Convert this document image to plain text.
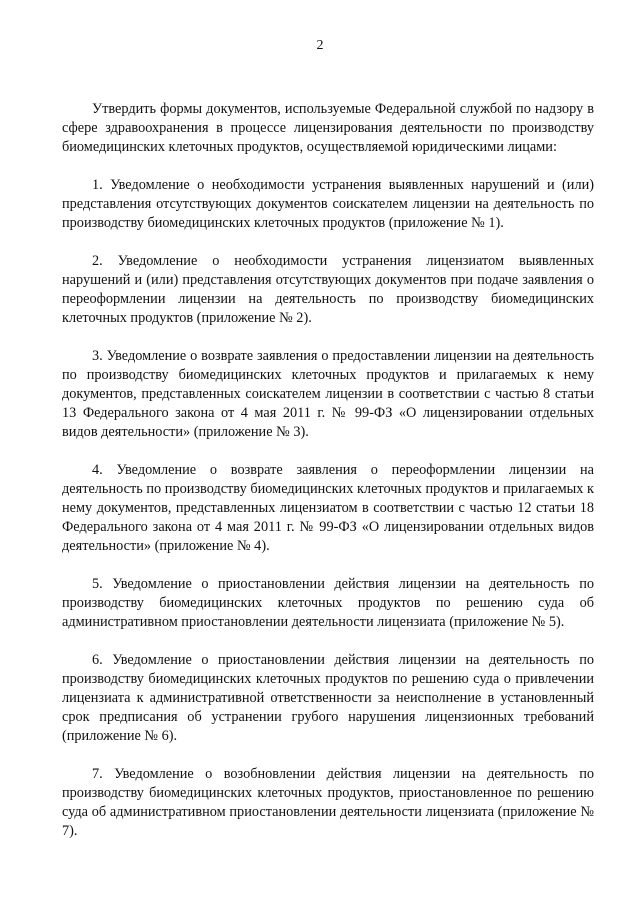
2

Утвердить формы документов, используемые Федеральной службой по надзору в сфере здравоохранения в процессе лицензирования деятельности по производству биомедицинских клеточных продуктов, осуществляемой юридическими лицами:

1. Уведомление о необходимости устранения выявленных нарушений и (или) представления отсутствующих документов соискателем лицензии на деятельность по производству биомедицинских клеточных продуктов (приложение № 1).

2. Уведомление о необходимости устранения лицензиатом выявленных нарушений и (или) представления отсутствующих документов при подаче заявления о переоформлении лицензии на деятельность по производству биомедицинских клеточных продуктов (приложение № 2).

3. Уведомление о возврате заявления о предоставлении лицензии на деятельность по производству биомедицинских клеточных продуктов и прилагаемых к нему документов, представленных соискателем лицензии в соответствии с частью 8 статьи 13 Федерального закона от 4 мая 2011 г. № 99-ФЗ «О лицензировании отдельных видов деятельности» (приложение № 3).

4. Уведомление о возврате заявления о переоформлении лицензии на деятельность по производству биомедицинских клеточных продуктов и прилагаемых к нему документов, представленных лицензиатом в соответствии с частью 12 статьи 18 Федерального закона от 4 мая 2011 г. № 99-ФЗ «О лицензировании отдельных видов деятельности» (приложение № 4).

5. Уведомление о приостановлении действия лицензии на деятельность по производству биомедицинских клеточных продуктов по решению суда об административном приостановлении деятельности лицензиата (приложение № 5).

6. Уведомление о приостановлении действия лицензии на деятельность по производству биомедицинских клеточных продуктов по решению суда о привлечении лицензиата к административной ответственности за неисполнение в установленный срок предписания об устранении грубого нарушения лицензионных требований (приложение № 6).

7. Уведомление о возобновлении действия лицензии на деятельность по производству биомедицинских клеточных продуктов, приостановленное по решению суда об административном приостановлении деятельности лицензиата (приложение № 7).
